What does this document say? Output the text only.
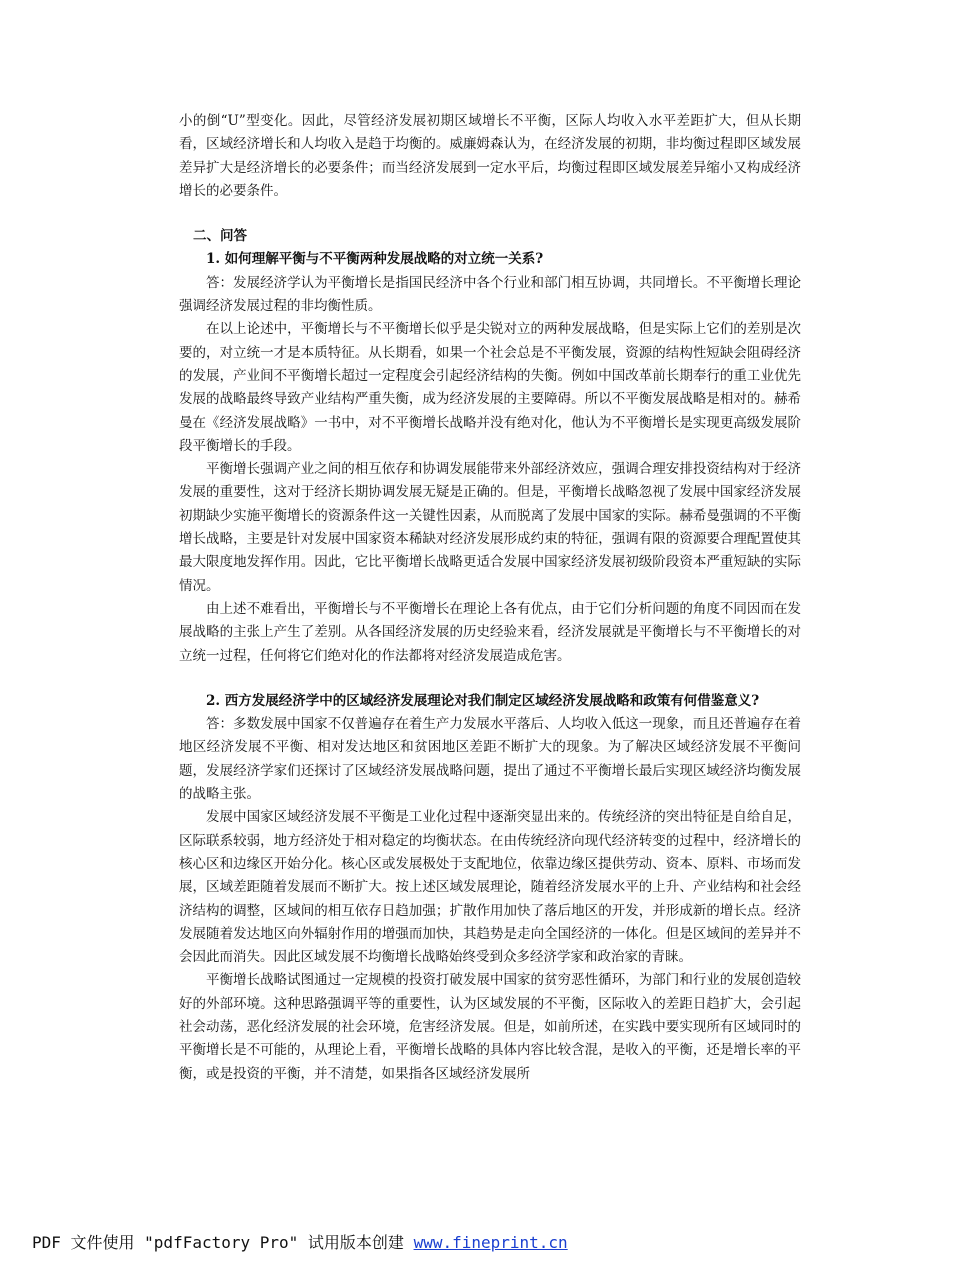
小的倒“U”型变化。因此，尽管经济发展初期区域增长不平衡，区际人均收入水平差距扩大，但从长期看，区域经济增长和人均收入是趋于均衡的。威廉姆森认为，在经济发展的初期，非均衡过程即区域发展差异扩大是经济增长的必要条件；而当经济发展到一定水平后，均衡过程即区域发展差异缩小又构成经济增长的必要条件。

二、问答

1. 如何理解平衡与不平衡两种发展战略的对立统一关系?

答：发展经济学认为平衡增长是指国民经济中各个行业和部门相互协调，共同增长。不平衡增长理论强调经济发展过程的非均衡性质。

在以上论述中，平衡增长与不平衡增长似乎是尖锐对立的两种发展战略，但是实际上它们的差别是次要的，对立统一才是本质特征。从长期看，如果一个社会总是不平衡发展，资源的结构性短缺会阻碍经济的发展，产业间不平衡增长超过一定程度会引起经济结构的失衡。例如中国改革前长期奉行的重工业优先发展的战略最终导致产业结构严重失衡，成为经济发展的主要障碍。所以不平衡发展战略是相对的。赫希曼在《经济发展战略》一书中，对不平衡增长战略并没有绝对化，他认为不平衡增长是实现更高级发展阶段平衡增长的手段。

平衡增长强调产业之间的相互依存和协调发展能带来外部经济效应，强调合理安排投资结构对于经济发展的重要性，这对于经济长期协调发展无疑是正确的。但是，平衡增长战略忽视了发展中国家经济发展初期缺少实施平衡增长的资源条件这一关键性因素，从而脱离了发展中国家的实际。赫希曼强调的不平衡增长战略，主要是针对发展中国家资本稀缺对经济发展形成约束的特征，强调有限的资源要合理配置使其最大限度地发挥作用。因此，它比平衡增长战略更适合发展中国家经济发展初级阶段资本严重短缺的实际情况。

由上述不难看出，平衡增长与不平衡增长在理论上各有优点，由于它们分析问题的角度不同因而在发展战略的主张上产生了差别。从各国经济发展的历史经验来看，经济发展就是平衡增长与不平衡增长的对立统一过程，任何将它们绝对化的作法都将对经济发展造成危害。

2. 西方发展经济学中的区域经济发展理论对我们制定区域经济发展战略和政策有何借鉴意义?

答：多数发展中国家不仅普遍存在着生产力发展水平落后、人均收入低这一现象，而且还普遍存在着地区经济发展不平衡、相对发达地区和贫困地区差距不断扩大的现象。为了解决区域经济发展不平衡问题，发展经济学家们还探讨了区域经济发展战略问题，提出了通过不平衡增长最后实现区域经济均衡发展的战略主张。

发展中国家区域经济发展不平衡是工业化过程中逐渐突显出来的。传统经济的突出特征是自给自足，区际联系较弱，地方经济处于相对稳定的均衡状态。在由传统经济向现代经济转变的过程中，经济增长的核心区和边缘区开始分化。核心区或发展极处于支配地位，依靠边缘区提供劳动、资本、原料、市场而发展，区域差距随着发展而不断扩大。按上述区域发展理论，随着经济发展水平的上升、产业结构和社会经济结构的调整，区域间的相互依存日趋加强；扩散作用加快了落后地区的开发，并形成新的增长点。经济发展随着发达地区向外辐射作用的增强而加快，其趋势是走向全国经济的一体化。但是区域间的差异并不会因此而消失。因此区域发展不均衡增长战略始终受到众多经济学家和政治家的青睐。

平衡增长战略试图通过一定规模的投资打破发展中国家的贫穷恶性循环，为部门和行业的发展创造较好的外部环境。这种思路强调平等的重要性，认为区域发展的不平衡，区际收入的差距日趋扩大，会引起社会动荡，恶化经济发展的社会环境，危害经济发展。但是，如前所述，在实践中要实现所有区域同时的平衡增长是不可能的，从理论上看，平衡增长战略的具体内容比较含混，是收入的平衡，还是增长率的平衡，或是投资的平衡，并不清楚，如果指各区域经济发展所

PDF 文件使用 "pdfFactory Pro" 试用版本创建 www.fineprint.cn
